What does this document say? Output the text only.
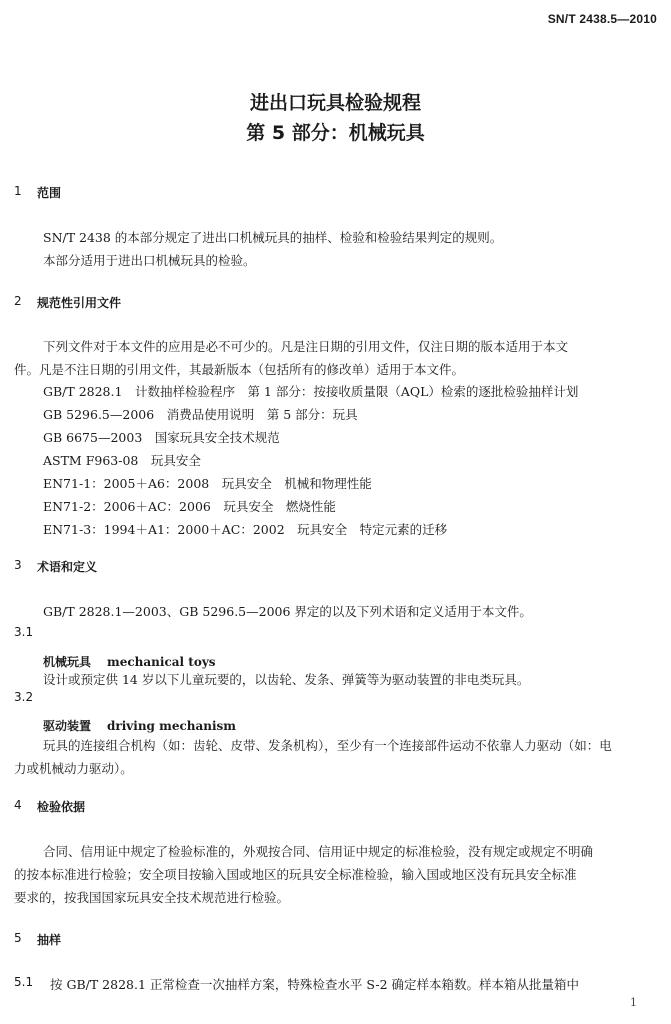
SN/T 2438.5—2010
进出口玩具检验规程
第 5 部分：机械玩具
1 范围
SN/T 2438 的本部分规定了进出口机械玩具的抽样、检验和检验结果判定的规则。
本部分适用于进出口机械玩具的检验。
2 规范性引用文件
下列文件对于本文件的应用是必不可少的。凡是注日期的引用文件，仅注日期的版本适用于本文
件。凡是不注日期的引用文件，其最新版本（包括所有的修改单）适用于本文件。
GB/T 2828.1　 计数抽样检验程序　第 1 部分：按接收质量限（AQL）检索的逐批检验抽样计划
GB 5296.5—2006　 消费品使用说明　第 5 部分：玩具
GB 6675—2003　 国家玩具安全技术规范
ASTM F963-08　 玩具安全
EN71-1：2005＋A6：2008　 玩具安全　机械和物理性能
EN71-2：2006＋AC：2006　 玩具安全　燃烧性能
EN71-3：1994＋A1：2000＋AC：2002　 玩具安全　特定元素的迁移
3 术语和定义
GB/T 2828.1—2003、GB 5296.5—2006 界定的以及下列术语和定义适用于本文件。
3.1
机械玩具　 mechanical toys
设计或预定供 14 岁以下儿童玩要的，以齿轮、发条、弹簧等为驱动装置的非电类玩具。
3.2
驱动装置　 driving mechanism
玩具的连接组合机构（如：齿轮、皮带、发条机构），至少有一个连接部件运动不依靠人力驱动（如：电
力或机械动力驱动）。
4 检验依据
合同、信用证中规定了检验标准的，外观按合同、信用证中规定的标准检验，没有规定或规定不明确
的按本标准进行检验；安全项目按输入国或地区的玩具安全标准检验，输入国或地区没有玩具安全标准
要求的，按我国国家玩具安全技术规范进行检验。
5 抽样
5.1 按 GB/T 2828.1 正常检查一次抽样方案，特殊检查水平 S-2 确定样本箱数。样本箱从批量箱中
1
